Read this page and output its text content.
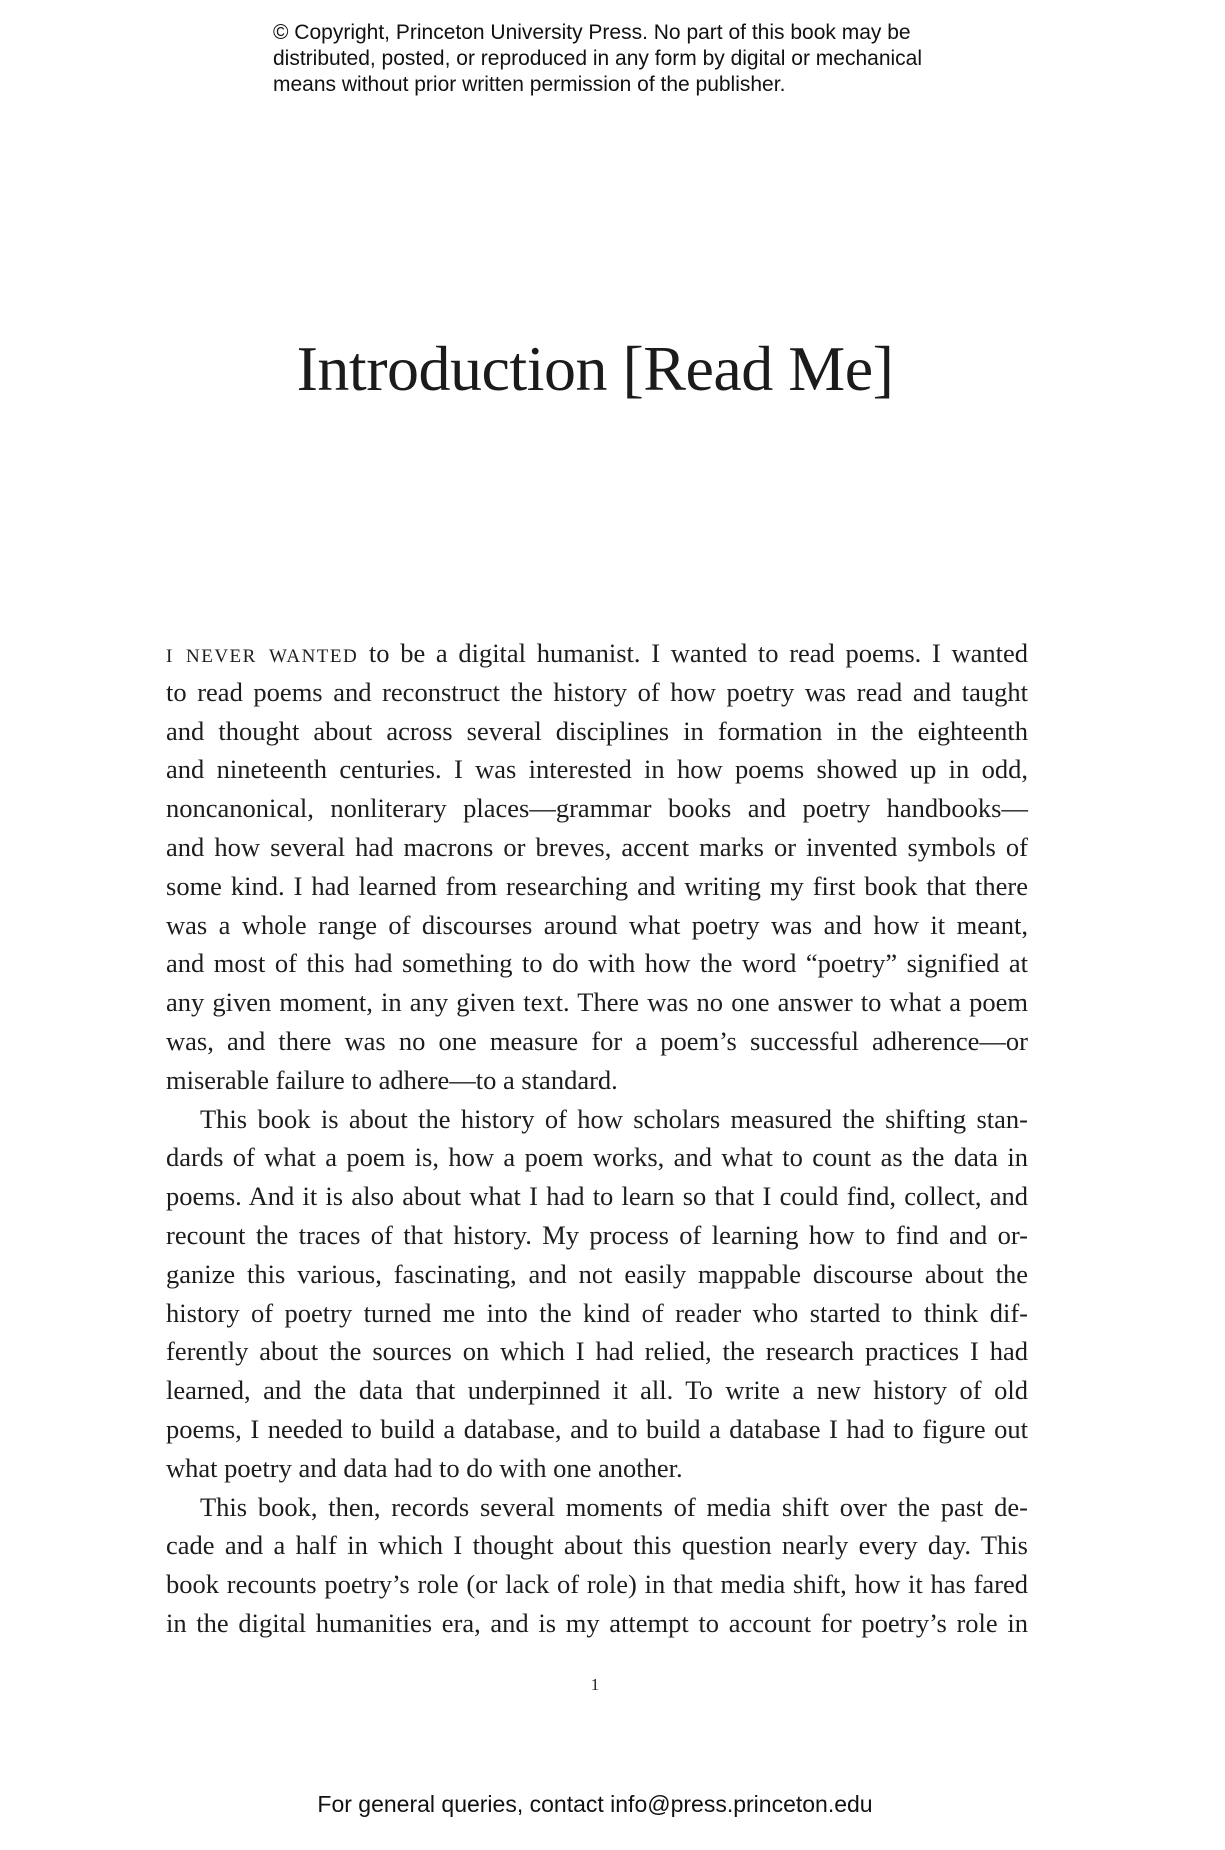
© Copyright, Princeton University Press. No part of this book may be
distributed, posted, or reproduced in any form by digital or mechanical
means without prior written permission of the publisher.
Introduction [Read Me]
i never wanted to be a digital humanist. I wanted to read poems. I wanted
to read poems and reconstruct the history of how poetry was read and taught
and thought about across several disciplines in formation in the eighteenth
and nineteenth centuries. I was interested in how poems showed up in odd,
noncanonical, nonliterary places—grammar books and poetry handbooks—
and how several had macrons or breves, accent marks or invented symbols of
some kind. I had learned from researching and writing my first book that there
was a whole range of discourses around what poetry was and how it meant,
and most of this had something to do with how the word “poetry” signified at
any given moment, in any given text. There was no one answer to what a poem
was, and there was no one measure for a poem’s successful adherence—or
miserable failure to adhere—to a standard.
This book is about the history of how scholars measured the shifting stan-
dards of what a poem is, how a poem works, and what to count as the data in
poems. And it is also about what I had to learn so that I could find, collect, and
recount the traces of that history. My process of learning how to find and or-
ganize this various, fascinating, and not easily mappable discourse about the
history of poetry turned me into the kind of reader who started to think dif-
ferently about the sources on which I had relied, the research practices I had
learned, and the data that underpinned it all. To write a new history of old
poems, I needed to build a database, and to build a database I had to figure out
what poetry and data had to do with one another.
This book, then, records several moments of media shift over the past de-
cade and a half in which I thought about this question nearly every day. This
book recounts poetry’s role (or lack of role) in that media shift, how it has fared
in the digital humanities era, and is my attempt to account for poetry’s role in
1
For general queries, contact info@press.princeton.edu
